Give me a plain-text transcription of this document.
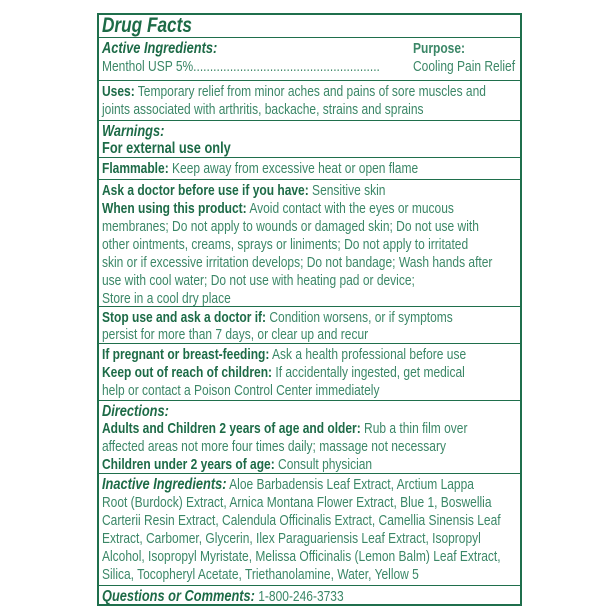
Drug Facts
Active Ingredients:	Purpose:
Menthol USP 5%........................................................ Cooling Pain Relief
Uses: Temporary relief from minor aches and pains of sore muscles and
joints associated with arthritis, backache, strains and sprains
Warnings:
For external use only
Flammable: Keep away from excessive heat or open flame
Ask a doctor before use if you have: Sensitive skin
When using this product: Avoid contact with the eyes or mucous
membranes; Do not apply to wounds or damaged skin; Do not use with
other ointments, creams, sprays or liniments; Do not apply to irritated
skin or if excessive irritation develops; Do not bandage; Wash hands after
use with cool water; Do not use with heating pad or device;
Store in a cool dry place
Stop use and ask a doctor if: Condition worsens, or if symptoms
persist for more than 7 days, or clear up and recur
If pregnant or breast-feeding: Ask a health professional before use
Keep out of reach of children: If accidentally ingested, get medical
help or contact a Poison Control Center immediately
Directions:
Adults and Children 2 years of age and older: Rub a thin film over
affected areas not more four times daily; massage not necessary
Children under 2 years of age: Consult physician
Inactive Ingredients: Aloe Barbadensis Leaf Extract, Arctium Lappa
Root (Burdock) Extract, Arnica Montana Flower Extract, Blue 1, Boswellia
Carterii Resin Extract, Calendula Officinalis Extract, Camellia Sinensis Leaf
Extract, Carbomer, Glycerin, Ilex Paraguariensis Leaf Extract, Isopropyl
Alcohol, Isopropyl Myristate, Melissa Officinalis (Lemon Balm) Leaf Extract,
Silica, Tocopheryl Acetate, Triethanolamine, Water, Yellow 5
Questions or Comments: 1-800-246-3733
